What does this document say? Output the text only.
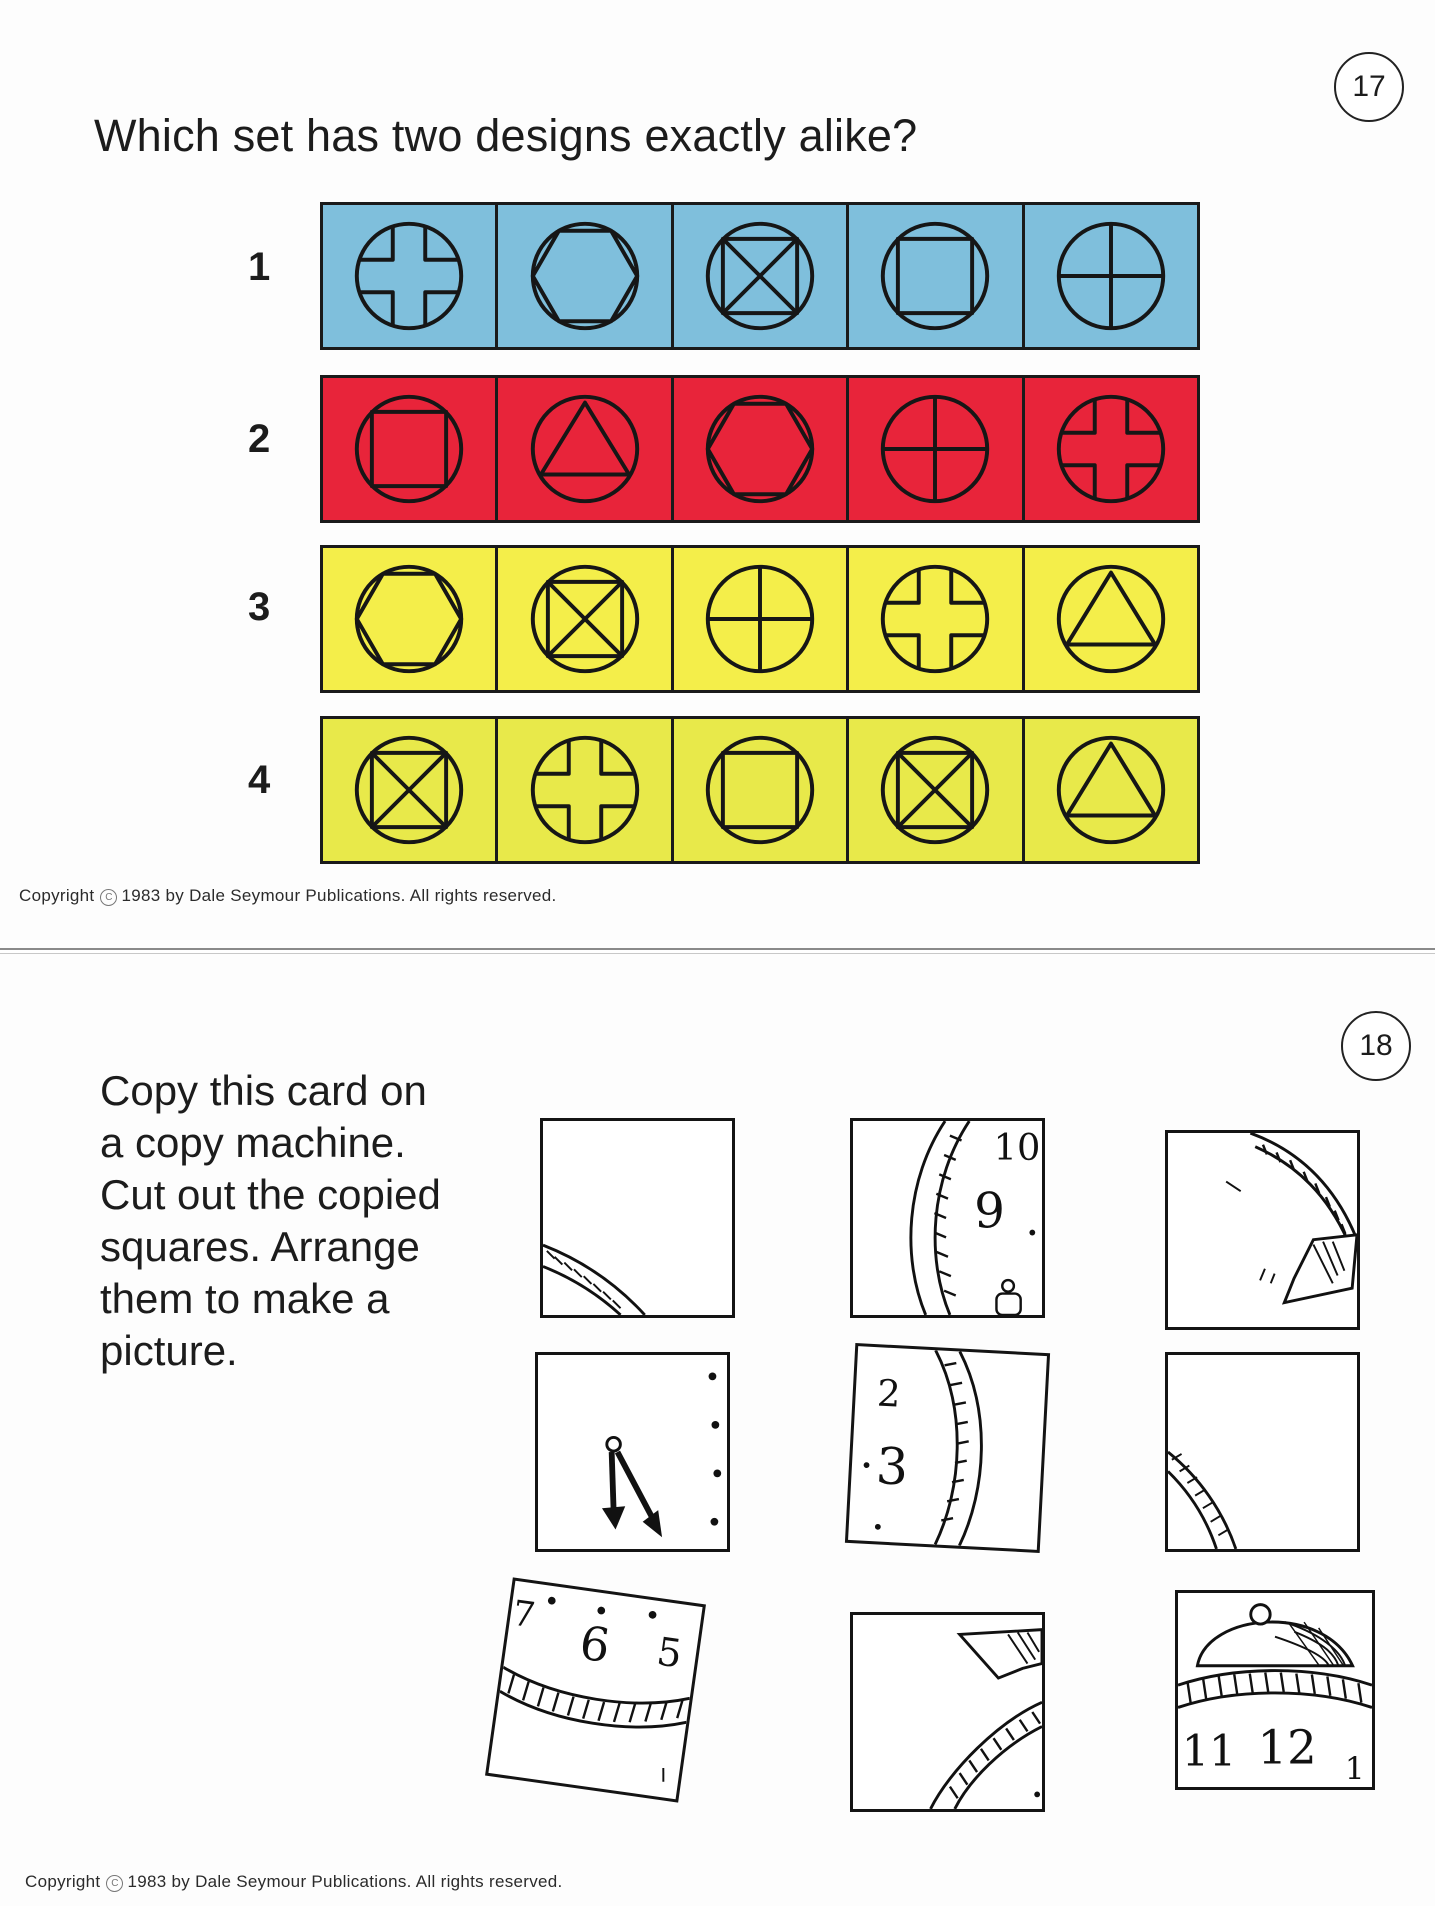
17
Which set has two designs exactly alike?
1
2
3
4
Copyright C 1983 by Dale Seymour Publications. All rights reserved.
18
Copy this card on
a copy machine.
Cut out the copied
squares. Arrange
them to make a
picture.
10
9
2
3
7
6 5
11 12 1
Copyright C 1983 by Dale Seymour Publications. All rights reserved.
